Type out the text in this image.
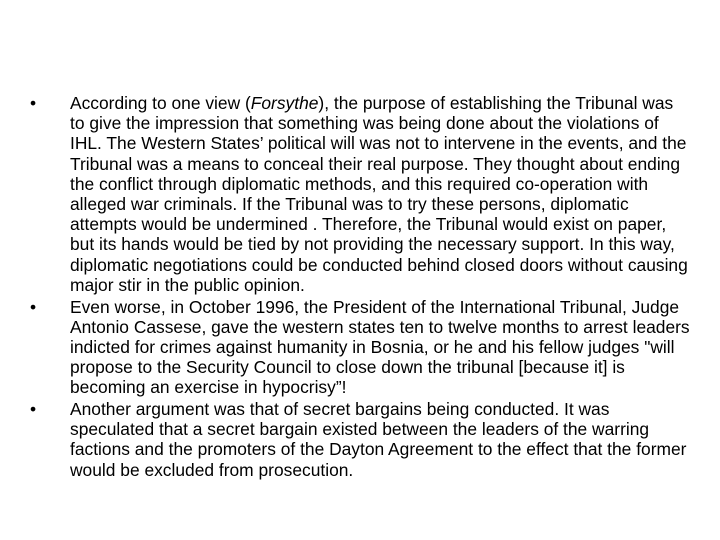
•	According to one view (Forsythe), the purpose of establishing the Tribunal was to give the impression that something was being done about the violations of IHL. The Western States’ political will was not to intervene in the events, and the Tribunal was a means to conceal their real purpose. They thought about ending the conflict through diplomatic methods, and this required co-operation with alleged war criminals. If the Tribunal was to try these persons, diplomatic attempts would be undermined . Therefore, the Tribunal would exist on paper, but its hands would be tied by not providing the necessary support. In this way, diplomatic negotiations could be conducted behind closed doors without causing major stir in the public opinion.
•	Even worse, in October 1996, the President of the International Tribunal, Judge Antonio Cassese, gave the western states ten to twelve months to arrest leaders indicted for crimes against humanity in Bosnia, or he and his fellow judges "will propose to the Security Council to close down the tribunal [because it] is becoming an exercise in hypocrisy”!
•	Another argument was that of secret bargains being conducted. It was speculated that a secret bargain existed between the leaders of the warring factions and the promoters of the Dayton Agreement to the effect that the former would be excluded from prosecution.
